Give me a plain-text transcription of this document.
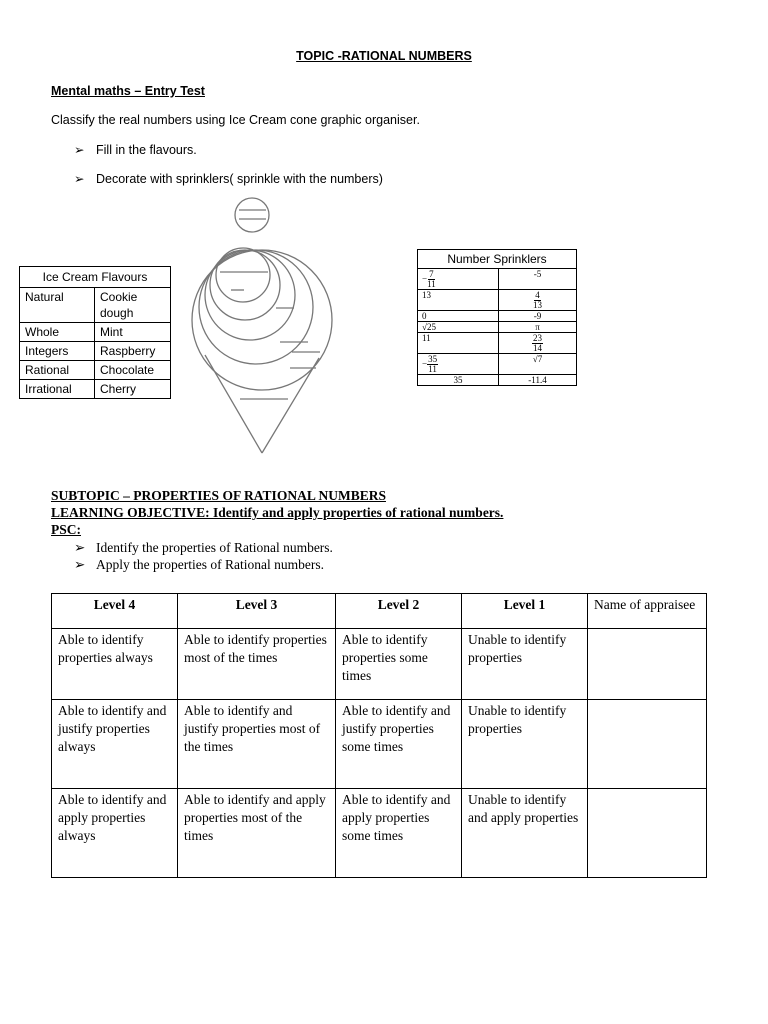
TOPIC -RATIONAL NUMBERS
Mental maths – Entry Test
Classify the real numbers using Ice Cream cone graphic organiser.
➢ Fill in the flavours.
➢ Decorate with sprinklers( sprinkle with the numbers)
Ice Cream Flavours	
Natural	Cookie dough
Whole	Mint
Integers	Raspberry
Rational	Chocolate
Irrational	Cherry
Number Sprinklers	
− $\frac{7}{11}$	-5
13	$\frac{4}{13}$

0	-9
√25	π
11	$\frac{23}{14}$

− $\frac{35}{11}$	√7
35	-11.4
SUBTOPIC – PROPERTIES OF RATIONAL NUMBERS
LEARNING OBJECTIVE: Identify and apply properties of rational numbers.
PSC:
➢ Identify the properties of Rational numbers.
➢ Apply the properties of Rational numbers.
Level 4	Level 3	Level 2	Level 1	Name of appraisee
Able to identify properties always	Able to identify properties most of the times	Able to identify properties some times	Unable to identify properties	
Able to identify and justify properties always	Able to identify and justify properties most of the times	Able to identify and justify properties some times	Unable to identify properties	
Able to identify and apply properties always	Able to identify and apply properties most of the times	Able to identify and apply properties some times	Unable to identify and apply properties	
